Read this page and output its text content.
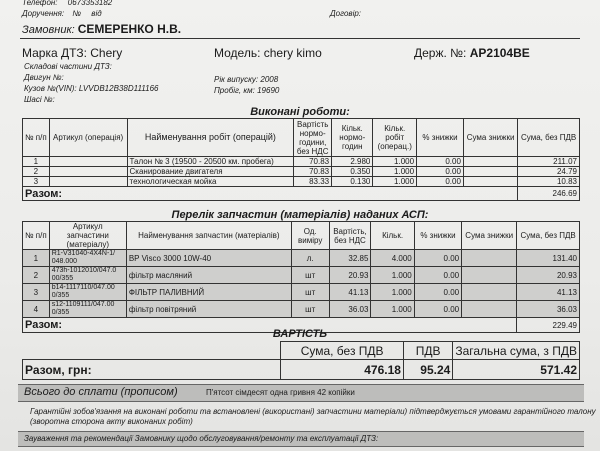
Телефон: 0673353182
Доручення: № від	Договір:
Замовник: СЕМЕРЕНКО Н.В.
Марка ДТЗ: Chery	Модель: chery kimo	Держ. №: АР2104ВЕ
Складові частини ДТЗ:
Двигун №:
Кузов №(VIN): LVVDB12B38D111166
Шасі №:
Рік випуску: 2008
Пробіг, км: 19690
Виконані роботи:
№ п/п	Артикул (операція)	Найменування робіт (операцій)	Вартість нормо-години, без НДС	Кільк. нормо-годин	Кільк. робіт (операц.)	% знижки	Сума знижки	Сума, без ПДВ
1		Талон № 3 (19500 - 20500 км. пробега)	70.83	2.980	1.000	0.00		211.07
2		Сканирование двигателя	70.83	0.350	1.000	0.00		24.79
3		технологическая мойка	83.33	0.130	1.000	0.00		10.83
Разом:								246.69
Перелік запчастин (матеріалів) наданих АСП:
№ п/п	Артикул запчастини (матеріалу)	Найменування запчастин (матеріалів)	Од. виміру	Вартість, без НДС	Кільк.	% знижки	Сума знижки	Сума, без ПДВ
1	R1-V31040-4X4N-1/ 048.000	BP Visco 3000 10W-40	л.	32.85	4.000	0.00		131.40
2	473h-1012010/047.0 00/355	фільтр масляний	шт	20.93	1.000	0.00		20.93
3	b14-1117110/047.00 0/355	ФІЛЬТР ПАЛИВНИЙ	шт	41.13	1.000	0.00		41.13
4	s12-1109111/047.00 0/355	фільтр повітряний	шт	36.03	1.000	0.00		36.03
Разом:								229.49
ВАРТІСТЬ
	Сума, без ПДВ	ПДВ	Загальна сума, з ПДВ
Разом, грн:	476.18	95.24	571.42
Всього до сплати (прописом)	П'ятсот сімдесят одна гривня 42 копійки
Гарантійні зобов'язання на виконані роботи та встановлені (використані) запчастини матеріали) підтверджується умовами гарантійного талону
(зворотна сторона акту виконаних робіт)
Зауваження та рекомендації Замовнику щодо обслуговування/ремонту та експлуатації ДТЗ:
